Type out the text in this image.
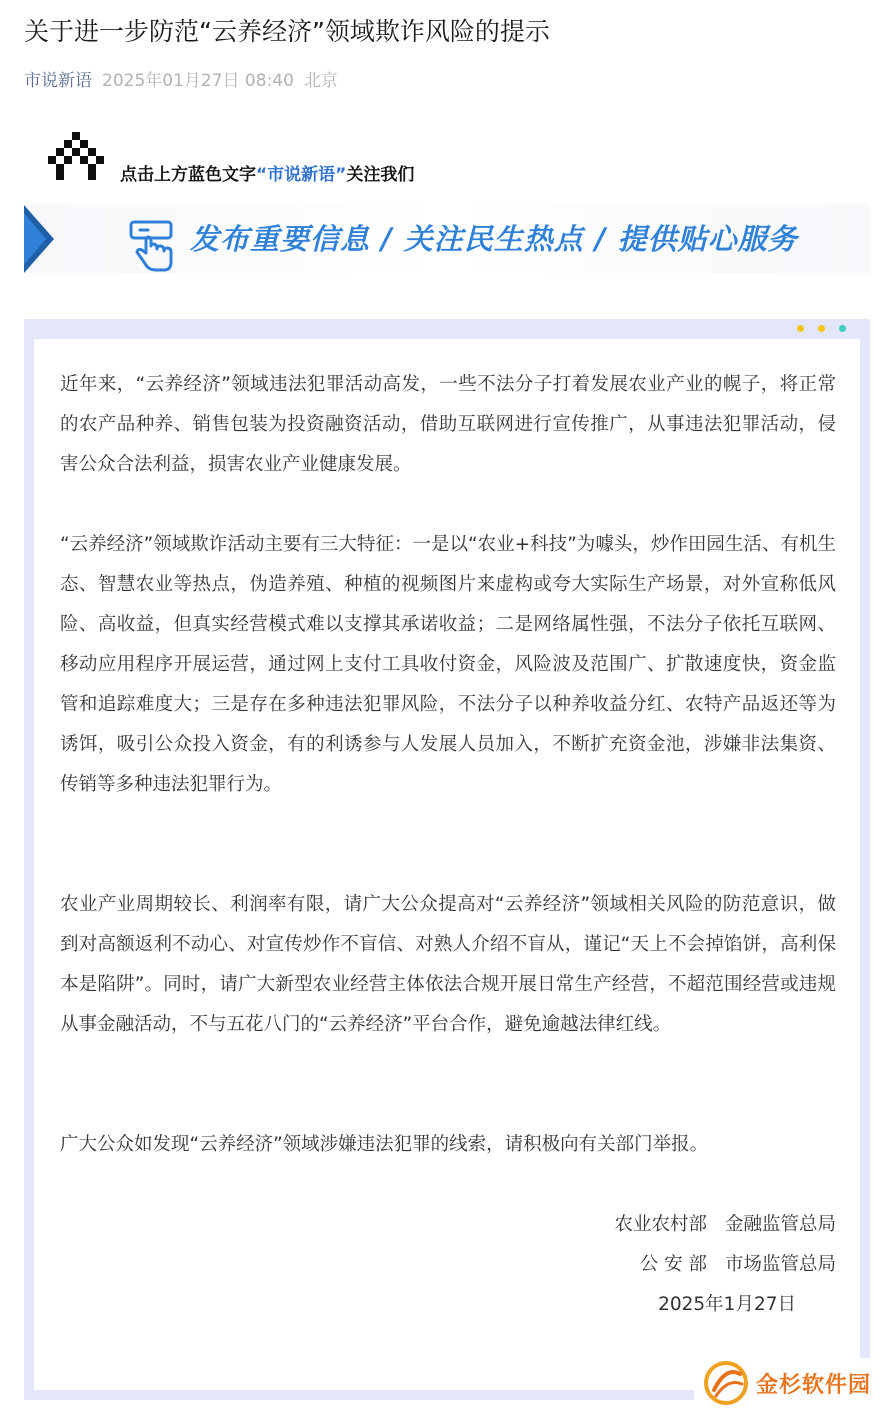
关于进一步防范“云养经济”领域欺诈风险的提示
市说新语 2025年01月27日 08:40 北京
点击上方蓝色文字“市说新语”关注我们
发布重要信息 / 关注民生热点 / 提供贴心服务

近年来，“云养经济”领域违法犯罪活动高发，一些不法分子打着发展农业产业的幌子，将正常的农产品种养、销售包装为投资融资活动，借助互联网进行宣传推广，从事违法犯罪活动，侵害公众合法利益，损害农业产业健康发展。

“云养经济”领域欺诈活动主要有三大特征：一是以“农业+科技”为噱头，炒作田园生活、有机生态、智慧农业等热点，伪造养殖、种植的视频图片来虚构或夸大实际生产场景，对外宣称低风险、高收益，但真实经营模式难以支撑其承诺收益；二是网络属性强，不法分子依托互联网、移动应用程序开展运营，通过网上支付工具收付资金，风险波及范围广、扩散速度快，资金监管和追踪难度大；三是存在多种违法犯罪风险，不法分子以种养收益分红、农特产品返还等为诱饵，吸引公众投入资金，有的利诱参与人发展人员加入，不断扩充资金池，涉嫌非法集资、传销等多种违法犯罪行为。

农业产业周期较长、利润率有限，请广大公众提高对“云养经济”领域相关风险的防范意识，做到对高额返利不动心、对宣传炒作不盲信、对熟人介绍不盲从，谨记“天上不会掉馅饼，高利保本是陷阱”。同时，请广大新型农业经营主体依法合规开展日常生产经营，不超范围经营或违规从事金融活动，不与五花八门的“云养经济”平台合作，避免逾越法律红线。

广大公众如发现“云养经济”领域涉嫌违法犯罪的线索，请积极向有关部门举报。

农业农村部 金融监管总局
公 安 部 市场监管总局
2025年1月27日
金杉软件园
